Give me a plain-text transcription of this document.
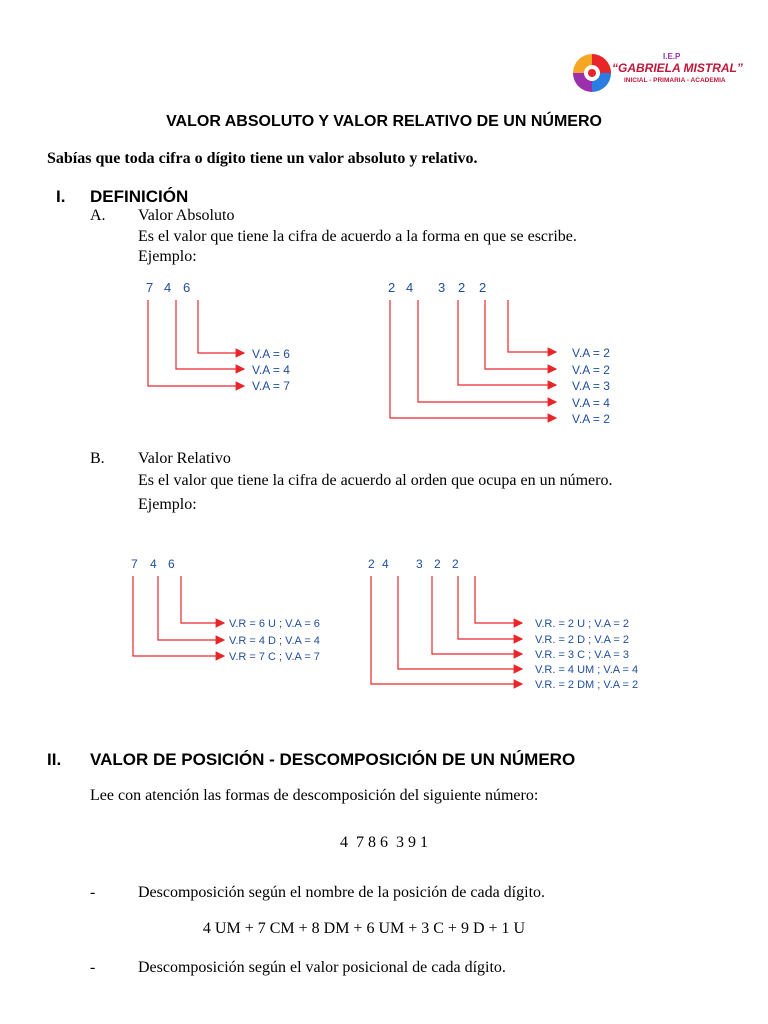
I.E.P
“GABRIELA MISTRAL”
INICIAL - PRIMARIA - ACADEMIA
VALOR ABSOLUTO Y VALOR RELATIVO DE UN NÚMERO
Sabías que toda cifra o dígito tiene un valor absoluto y relativo.
I. DEFINICIÓN
A. Valor Absoluto
Es el valor que tiene la cifra de acuerdo a la forma en que se escribe.
Ejemplo:
7 4 6
V.A = 6
V.A = 4
V.A = 7
2 4 3 2 2
V.A = 2
V.A = 2
V.A = 3
V.A = 4
V.A = 2
B. Valor Relativo
Es el valor que tiene la cifra de acuerdo al orden que ocupa en un número.
Ejemplo:
7 4 6
V.R = 6 U ; V.A = 6
V.R = 4 D ; V.A = 4
V.R = 7 C ; V.A = 7
2 4 3 2 2
V.R. = 2 U ; V.A = 2
V.R. = 2 D ; V.A = 2
V.R. = 3 C ; V.A = 3
V.R. = 4 UM ; V.A = 4
V.R. = 2 DM ; V.A = 2
II. VALOR DE POSICIÓN - DESCOMPOSICIÓN DE UN NÚMERO
Lee con atención las formas de descomposición del siguiente número:
4  7 8 6  3 9 1
-	Descomposición según el nombre de la posición de cada dígito.
4 UM + 7 CM + 8 DM + 6 UM + 3 C + 9 D + 1 U
-	Descomposición según el valor posicional de cada dígito.
